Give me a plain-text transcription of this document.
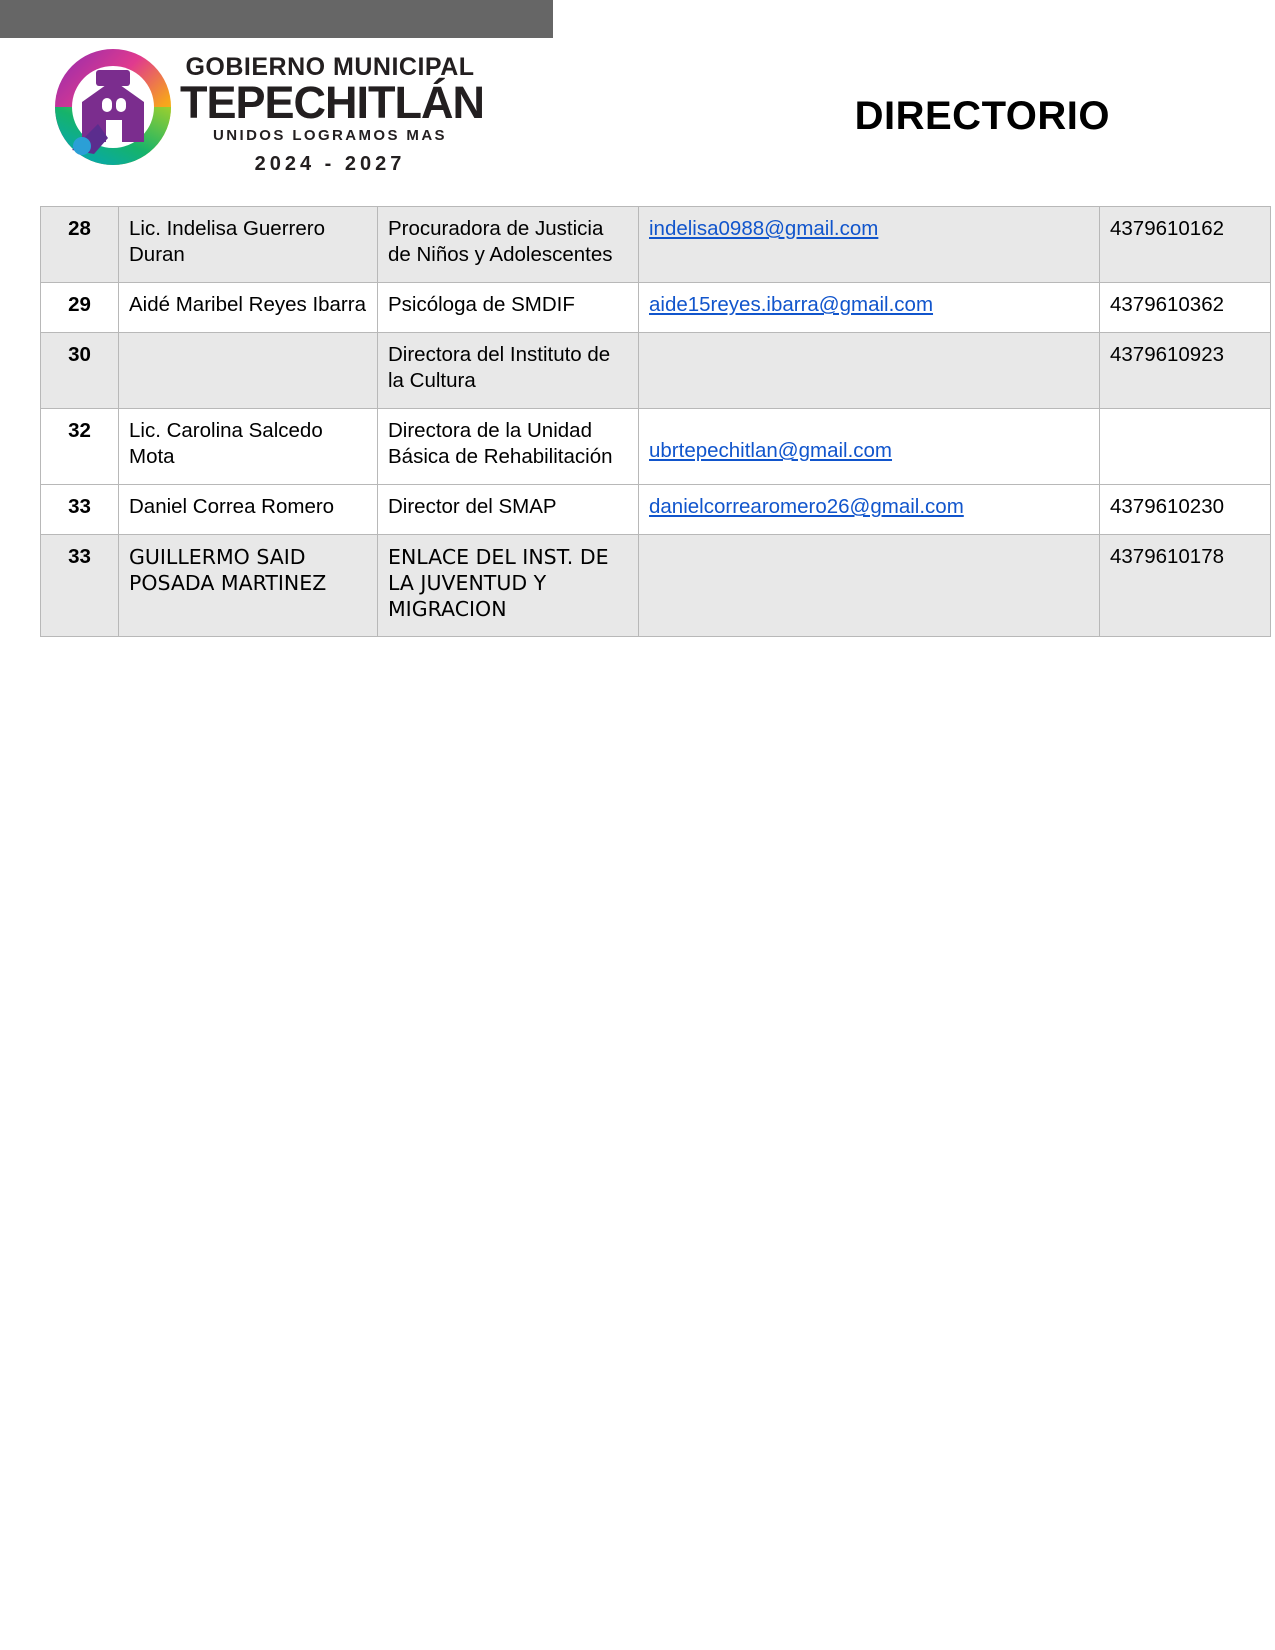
GOBIERNO MUNICIPAL
TEPECHITLÁN
UNIDOS LOGRAMOS MAS
2024 - 2027
DIRECTORIO
28	Lic. Indelisa Guerrero Duran	Procuradora de Justicia de Niños y Adolescentes	indelisa0988@gmail.com	4379610162
29	Aidé Maribel Reyes Ibarra	Psicóloga de SMDIF	aide15reyes.ibarra@gmail.com	4379610362
30		Directora del Instituto de la Cultura		4379610923
32	Lic. Carolina Salcedo Mota	Directora de la Unidad Básica de Rehabilitación	ubrtepechitlan@gmail.com	

33	Daniel Correa Romero	Director del SMAP	danielcorrearomero26@gmail.com	4379610230
33	GUILLERMO SAID POSADA MARTINEZ	ENLACE DEL INST. DE LA JUVENTUD Y MIGRACION		4379610178
